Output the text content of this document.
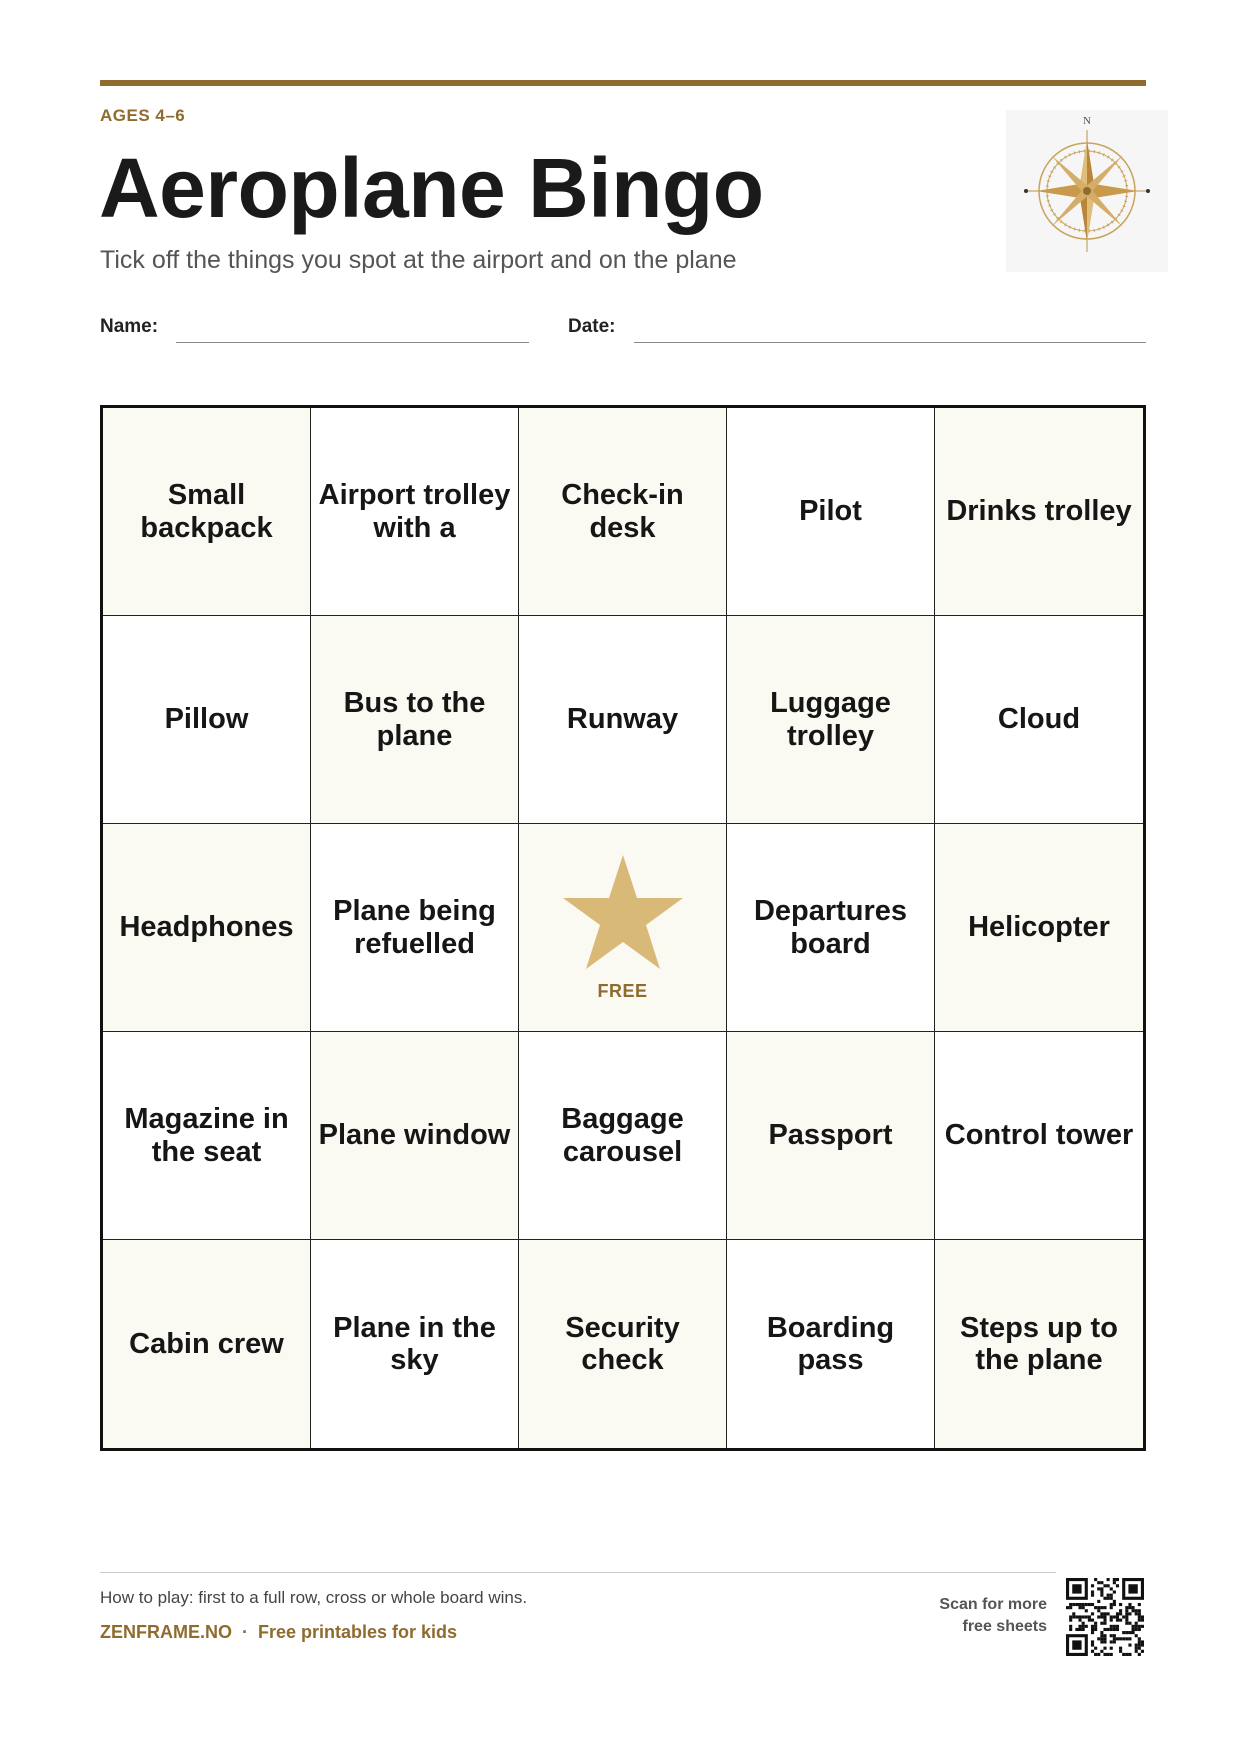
AGES 4–6
Aeroplane Bingo
Tick off the things you spot at the airport and on the plane
N
Name:	Date:
Small backpack
Airport trolley with a
Check-in desk
Pilot	Drinks trolley
Pillow
Bus to the plane
Runway
Luggage trolley
Cloud
Headphones
Plane being refuelled
FREE
Departures board
Helicopter
Magazine in the seat
Plane window
Baggage carousel
Passport Control tower
Cabin crew
Plane in the sky
Security check
Boarding pass
Steps up to the plane
How to play: first to a full row, cross or whole board wins.
ZENFRAME.NO · Free printables for kids
Scan for more
free sheets
